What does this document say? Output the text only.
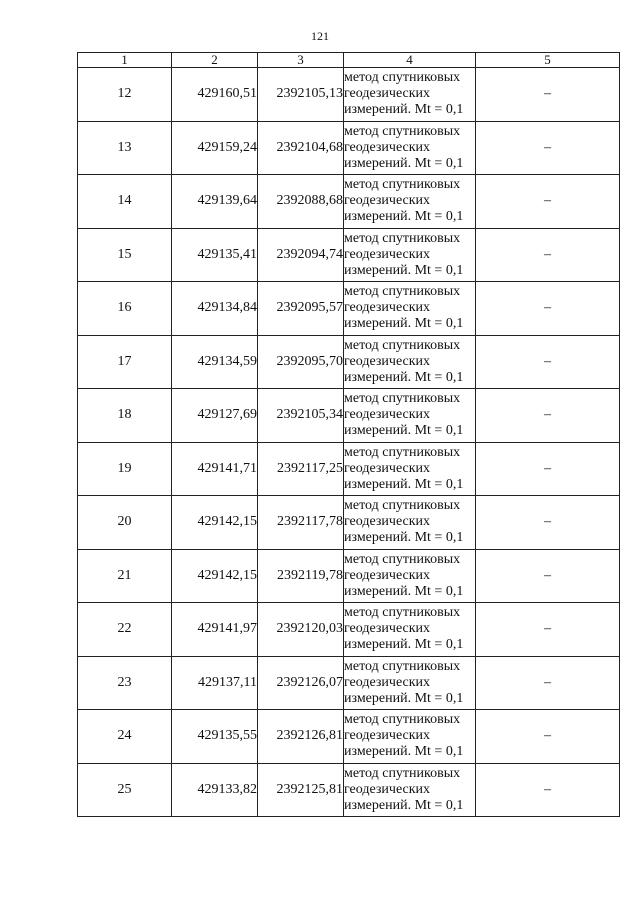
121
1	2	3	4	5
12	429160,51	2392105,13	метод спутниковых
геодезических
измерений. Mt = 0,1	–
13	429159,24	2392104,68	метод спутниковых
геодезических
измерений. Mt = 0,1	–
14	429139,64	2392088,68	метод спутниковых
геодезических
измерений. Mt = 0,1	–
15	429135,41	2392094,74	метод спутниковых
геодезических
измерений. Mt = 0,1	–
16	429134,84	2392095,57	метод спутниковых
геодезических
измерений. Mt = 0,1	–
17	429134,59	2392095,70	метод спутниковых
геодезических
измерений. Mt = 0,1	–
18	429127,69	2392105,34	метод спутниковых
геодезических
измерений. Mt = 0,1	–
19	429141,71	2392117,25	метод спутниковых
геодезических
измерений. Mt = 0,1	–
20	429142,15	2392117,78	метод спутниковых
геодезических
измерений. Mt = 0,1	–
21	429142,15	2392119,78	метод спутниковых
геодезических
измерений. Mt = 0,1	–
22	429141,97	2392120,03	метод спутниковых
геодезических
измерений. Mt = 0,1	–
23	429137,11	2392126,07	метод спутниковых
геодезических
измерений. Mt = 0,1	–
24	429135,55	2392126,81	метод спутниковых
геодезических
измерений. Mt = 0,1	–
25	429133,82	2392125,81	метод спутниковых
геодезических
измерений. Mt = 0,1	–
